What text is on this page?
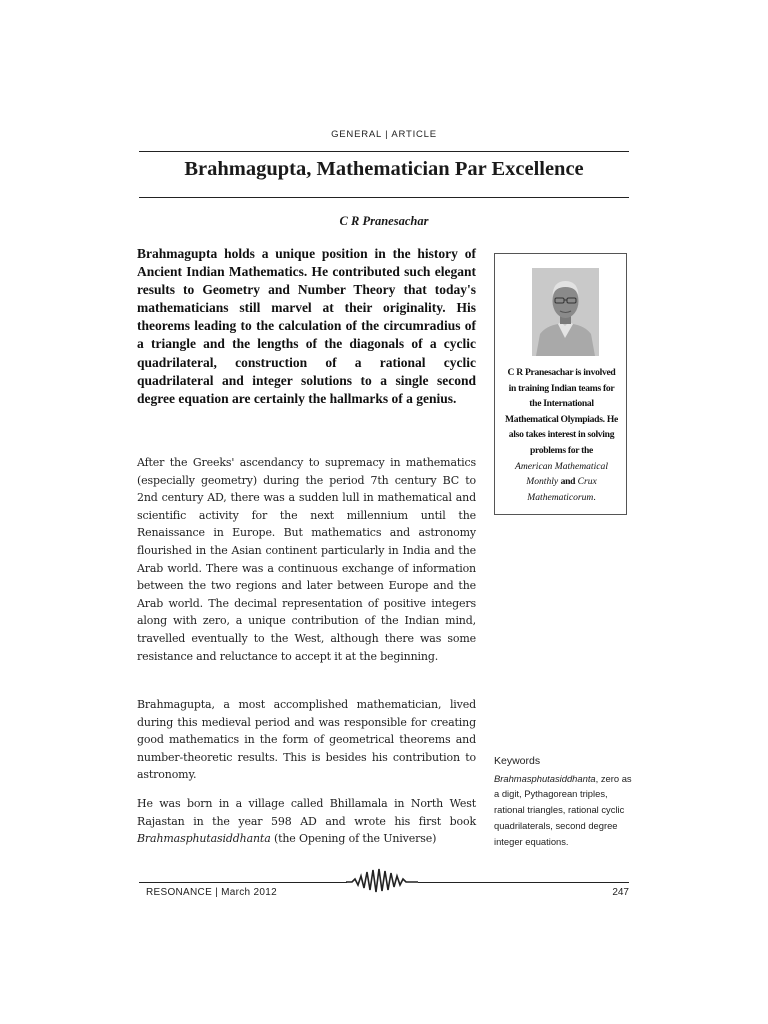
GENERAL | ARTICLE
Brahmagupta, Mathematician Par Excellence
C R Pranesachar

Brahmagupta holds a unique position in the history of Ancient Indian Mathematics. He contributed such elegant results to Geometry and Number Theory that today's mathematicians still marvel at their originality. His theorems leading to the calculation of the circumradius of a triangle and the lengths of the diagonals of a cyclic quadrilateral, construction of a rational cyclic quadrilateral and integer solutions to a single second degree equation are certainly the hallmarks of a genius.

After the Greeks' ascendancy to supremacy in mathematics (especially geometry) during the period 7th century BC to 2nd century AD, there was a sudden lull in mathematical and scientific activity for the next millennium until the Renaissance in Europe. But mathematics and astronomy flourished in the Asian continent particularly in India and the Arab world. There was a continuous exchange of information between the two regions and later between Europe and the Arab world. The decimal representation of positive integers along with zero, a unique contribution of the Indian mind, travelled eventually to the West, although there was some resistance and reluctance to accept it at the beginning.

Brahmagupta, a most accomplished mathematician, lived during this medieval period and was responsible for creating good mathematics in the form of geometrical theorems and number-theoretic results. This is besides his contribution to astronomy.

He was born in a village called Bhillamala in North West Rajastan in the year 598 AD and wrote his first book Brahmasphutasiddhanta (the Opening of the Universe)

C R Pranesachar is involved in training Indian teams for the International Mathematical Olympiads. He also takes interest in solving problems for the
American Mathematical Monthly and Crux Mathematicorum.
Keywords
Brahmasphutasiddhanta, zero as a digit, Pythagorean triples, rational triangles, rational cyclic quadrilaterals, second degree integer equations.
RESONANCE | March 2012	247
